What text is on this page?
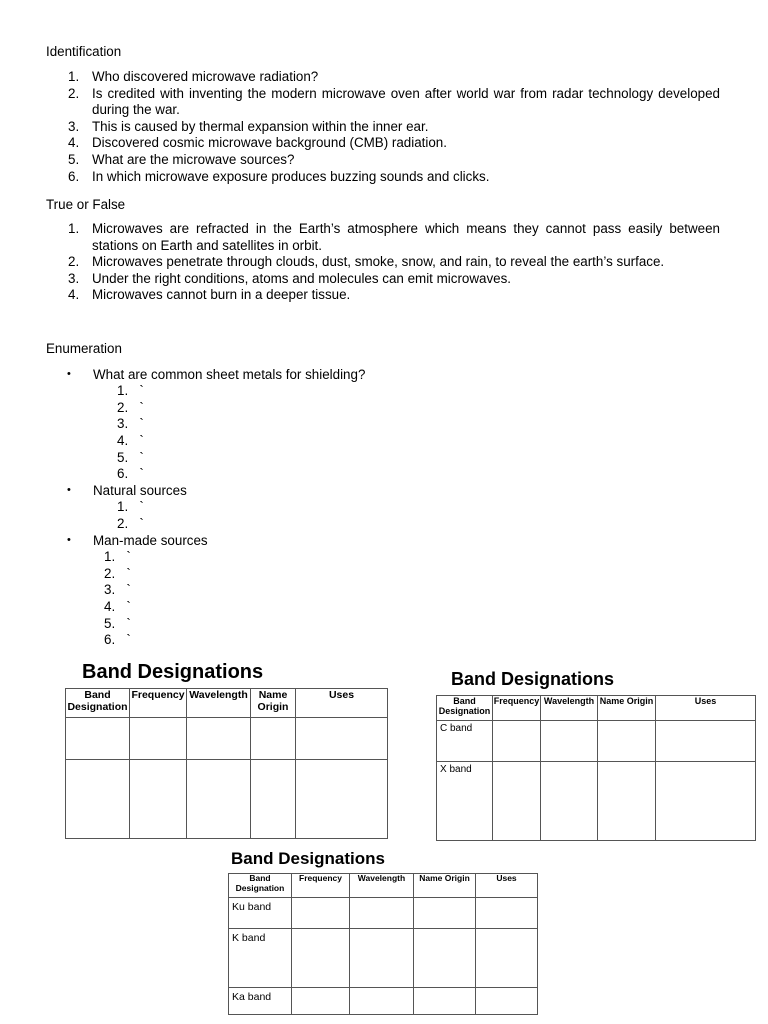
Identification
1. Who discovered microwave radiation?
2. Is credited with inventing the modern microwave oven after world war from radar technology developed during the war.
3. This is caused by thermal expansion within the inner ear.
4. Discovered cosmic microwave background (CMB) radiation.
5. What are the microwave sources?
6. In which microwave exposure produces buzzing sounds and clicks.
True or False
1. Microwaves are refracted in the Earth’s atmosphere which means they cannot pass easily between stations on Earth and satellites in orbit.
2. Microwaves penetrate through clouds, dust, smoke, snow, and rain, to reveal the earth’s surface.
3. Under the right conditions, atoms and molecules can emit microwaves.
4. Microwaves cannot burn in a deeper tissue.
Enumeration
• What are common sheet metals for shielding?
1. `
2. `
3. `
4. `
5. `
6. `
• Natural sources
1. `
2. `
• Man-made sources
1. `
2. `
3. `
4. `
5. `
6. `
Band Designations
Band Designation	Frequency	Wavelength	Name Origin	Uses

Band Designations
Band Designation	Frequency	Wavelength	Name Origin	Uses
C band				
X band				
Band Designations
Band Designation	Frequency	Wavelength	Name Origin	Uses
Ku band				
K band				
Ka band				
